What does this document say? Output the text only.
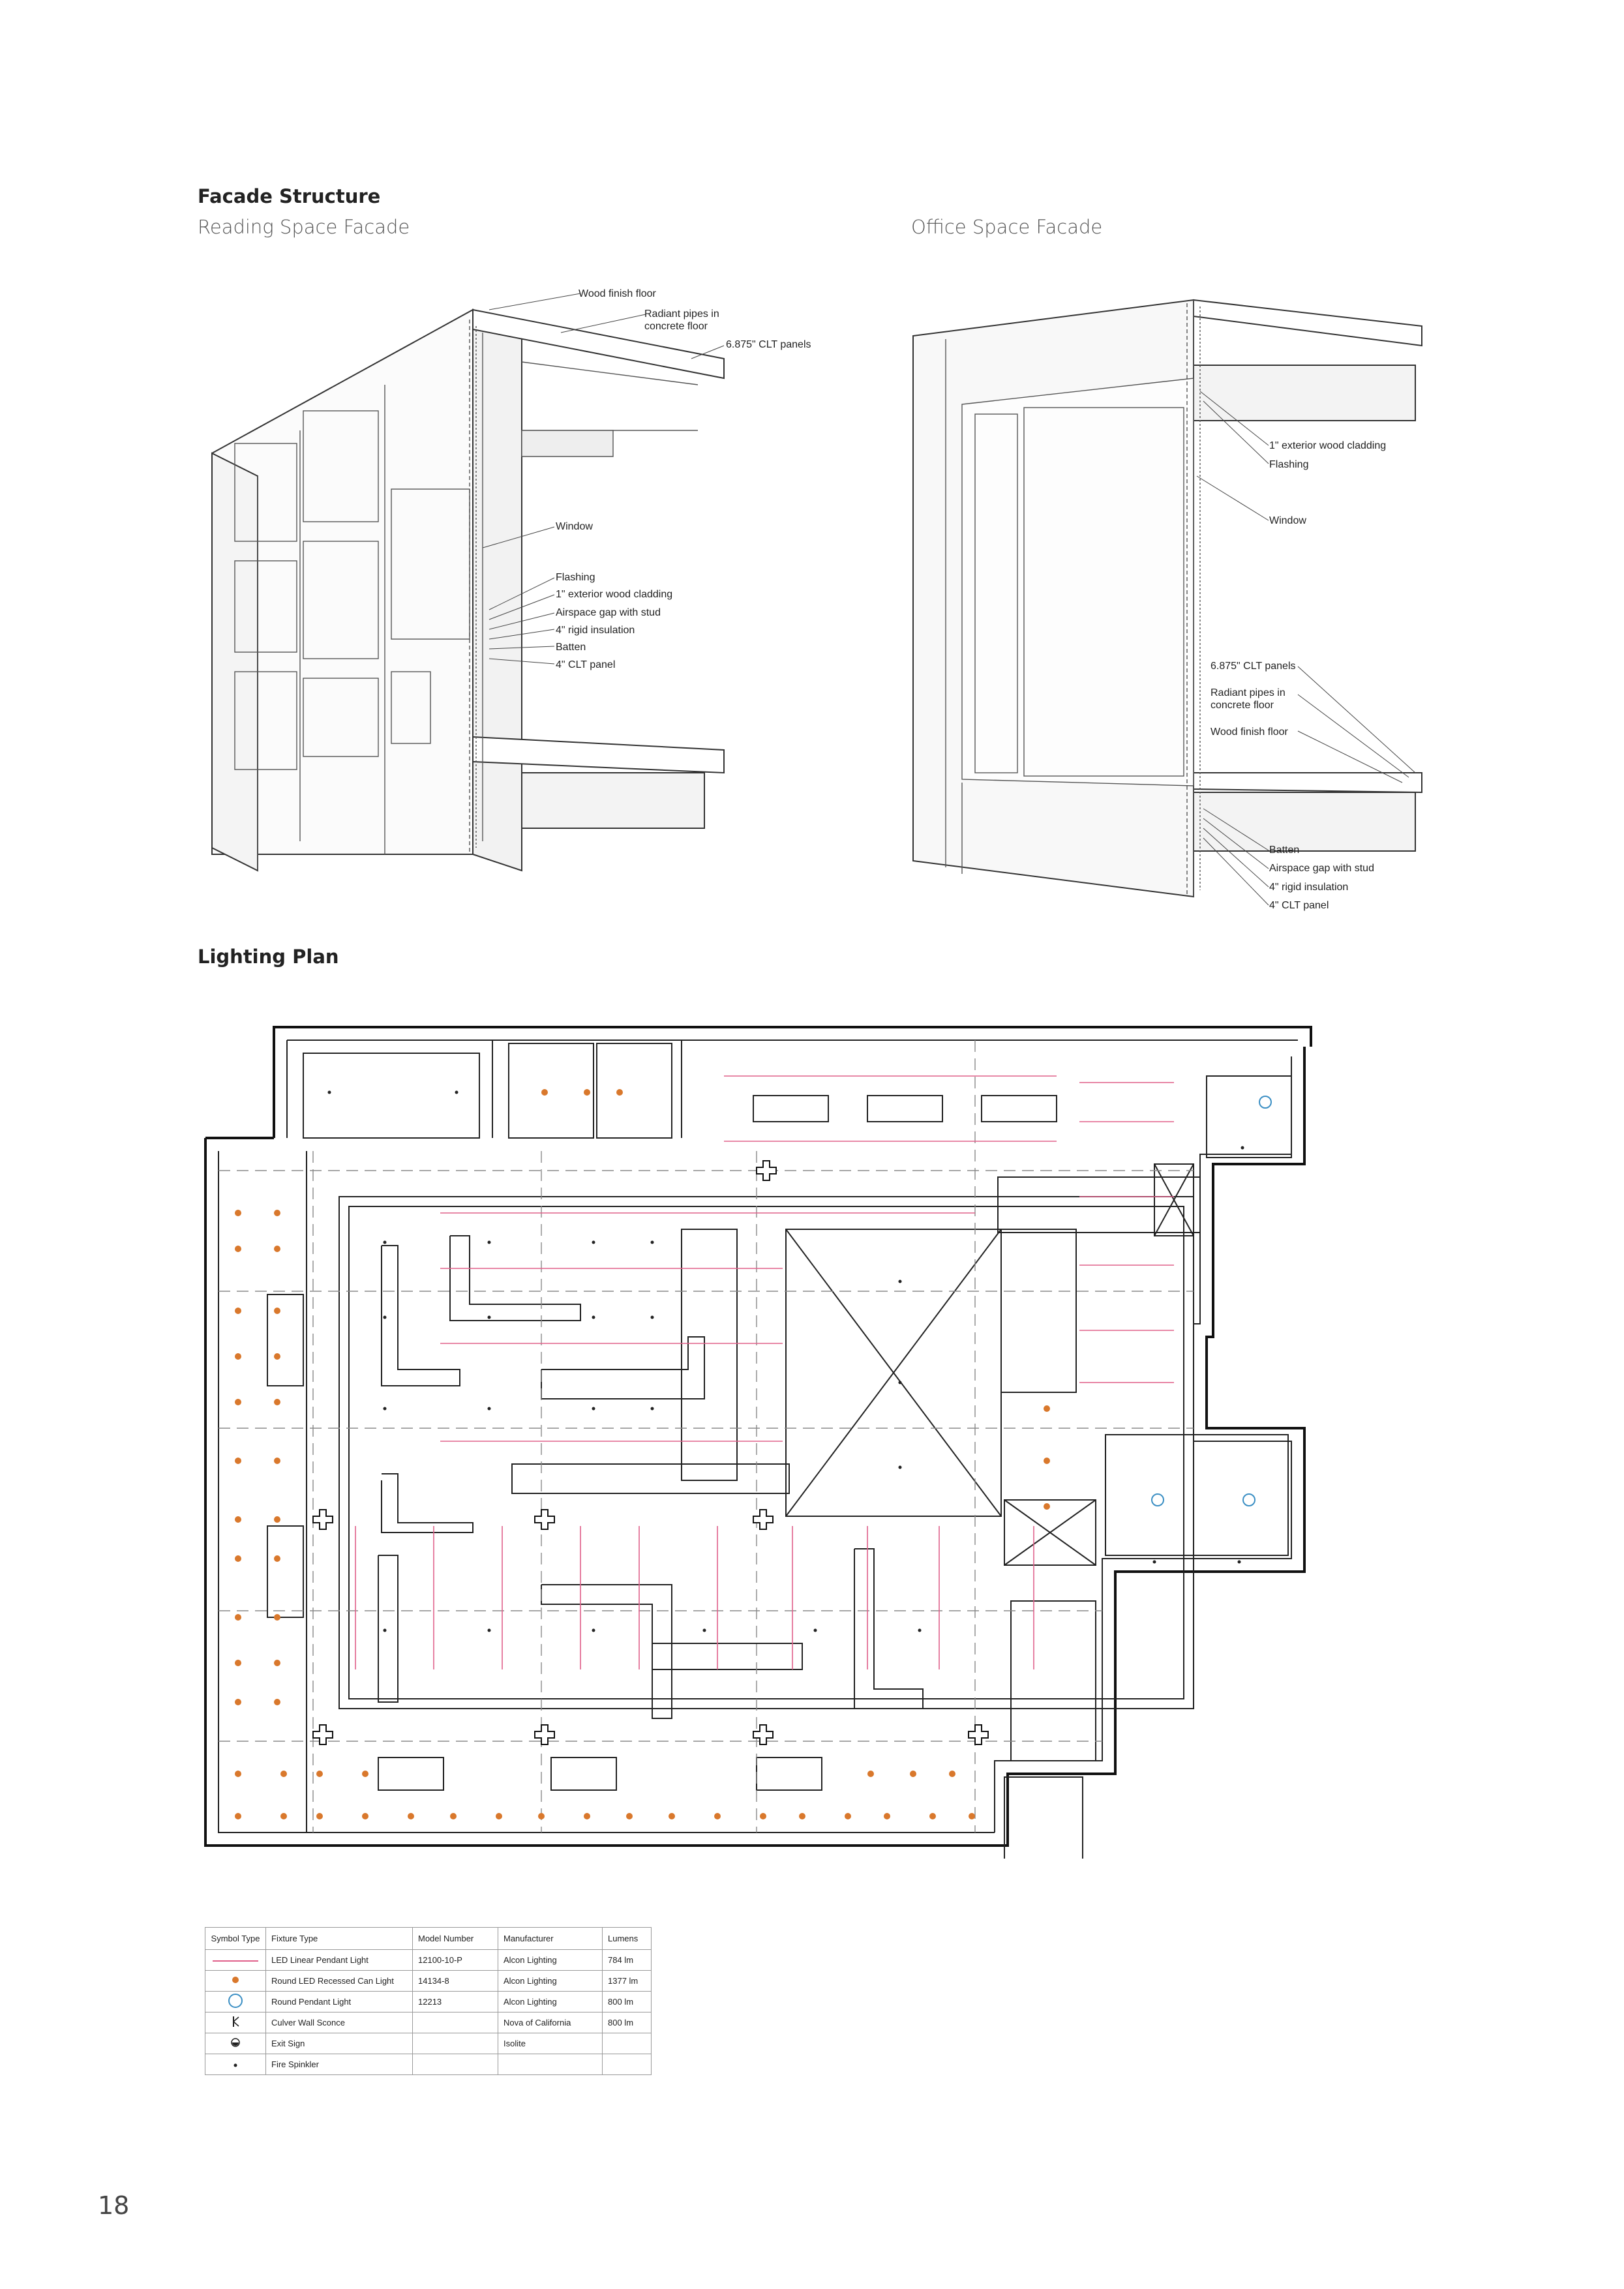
Facade Structure
Reading Space Facade	Office Space Facade
Lighting Plan
Wood finish floor
Radiant pipes in
concrete floor
6.875" CLT panels
Window
Flashing
1" exterior wood cladding
Airspace gap with stud
4" rigid insulation
Batten
4" CLT panel
1" exterior wood cladding
Flashing
Window
6.875" CLT panels
Radiant pipes in
concrete floor
Wood finish floor
Batten
Airspace gap with stud
4" rigid insulation
4" CLT panel
Symbol Type	Fixture Type	Model Number	Manufacturer	Lumens
	LED Linear Pendant Light	12100-10-P	Alcon Lighting	784 lm
	Round LED Recessed Can Light	14134-8	Alcon Lighting	1377 lm
	Round Pendant Light	12213	Alcon Lighting	800 lm
	Culver Wall Sconce		Nova of California	800 lm
	Exit Sign		Isolite	
	Fire Spinkler			
18
